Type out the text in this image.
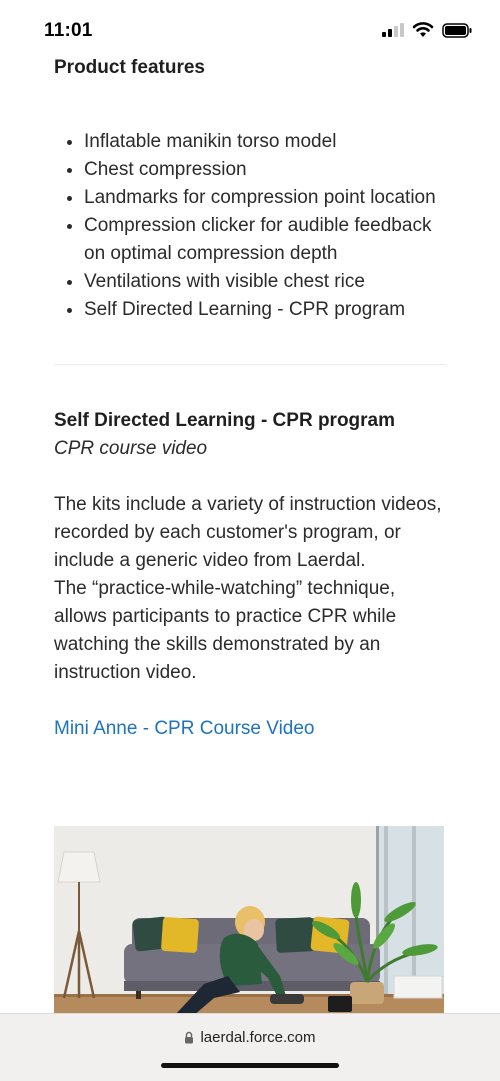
11:01
Product features
• Inflatable manikin torso model
• Chest compression
• Landmarks for compression point location
• Compression clicker for audible feedback on optimal compression depth
• Ventilations with visible chest rice
• Self Directed Learning - CPR program
Self Directed Learning - CPR program
CPR course video

The kits include a variety of instruction videos, recorded by each customer's program, or include a generic video from Laerdal.

The “practice-while-watching” technique, allows participants to practice CPR while watching the skills demonstrated by an instruction video.

Mini Anne - CPR Course Video
laerdal.force.com
